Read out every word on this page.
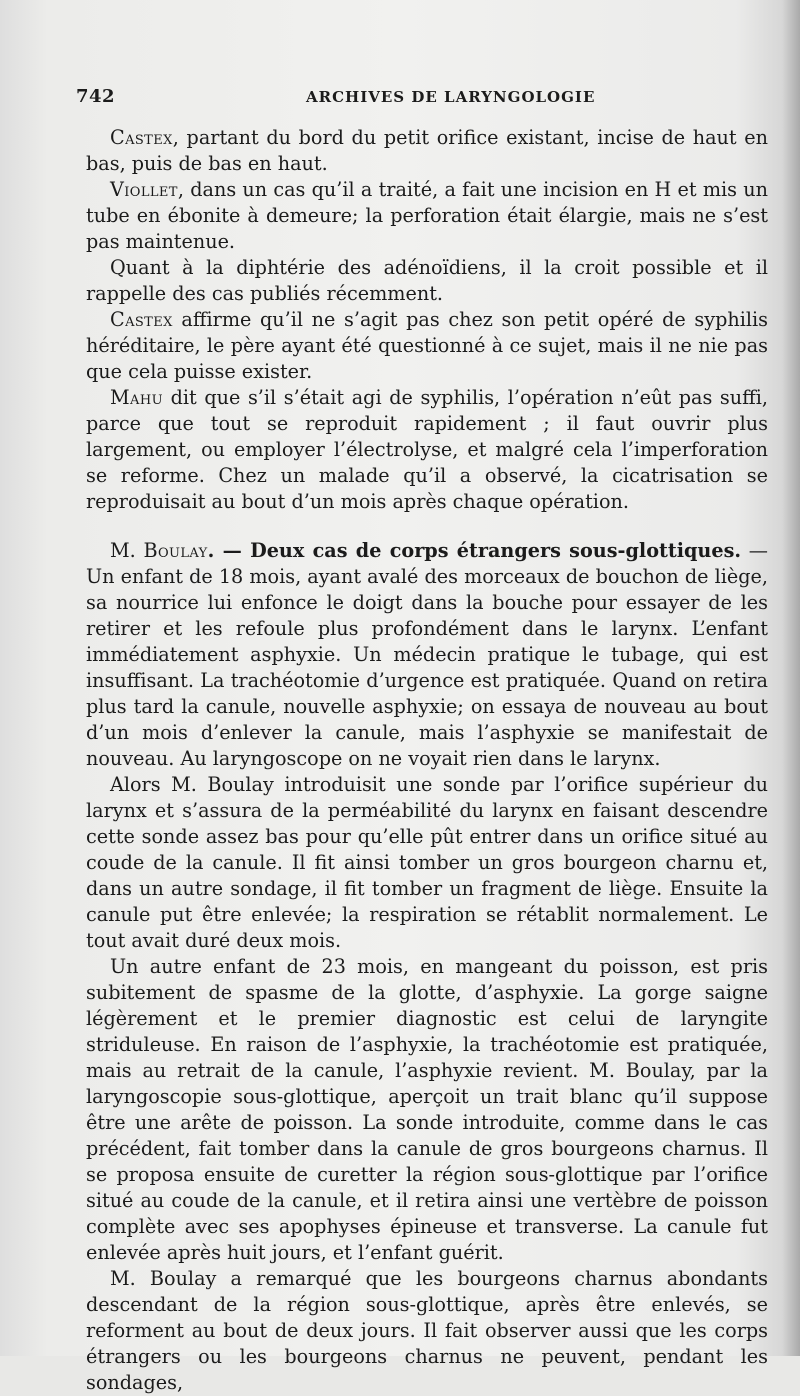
742	ARCHIVES DE LARYNGOLOGIE

Castex, partant du bord du petit orifice existant, incise de haut en bas, puis de bas en haut.

Viollet, dans un cas qu’il a traité, a fait une incision en H et mis un tube en ébonite à demeure; la perforation était élargie, mais ne s’est pas maintenue.

Quant à la diphtérie des adénoïdiens, il la croit possible et il rappelle des cas publiés récemment.

Castex affirme qu’il ne s’agit pas chez son petit opéré de syphilis héréditaire, le père ayant été questionné à ce sujet, mais il ne nie pas que cela puisse exister.

Mahu dit que s’il s’était agi de syphilis, l’opération n’eût pas suffi, parce que tout se reproduit rapidement ; il faut ouvrir plus largement, ou employer l’électrolyse, et malgré cela l’imperforation se reforme. Chez un malade qu’il a observé, la cicatrisation se reproduisait au bout d’un mois après chaque opération.

M. Boulay. — Deux cas de corps étrangers sous-glottiques. — Un enfant de 18 mois, ayant avalé des morceaux de bouchon de liège, sa nourrice lui enfonce le doigt dans la bouche pour essayer de les retirer et les refoule plus profondément dans le larynx. L’enfant immédiatement asphyxie. Un médecin pratique le tubage, qui est insuffisant. La trachéotomie d’urgence est pratiquée. Quand on retira plus tard la canule, nouvelle asphyxie; on essaya de nouveau au bout d’un mois d’enlever la canule, mais l’asphyxie se manifestait de nouveau. Au laryngoscope on ne voyait rien dans le larynx.

Alors M. Boulay introduisit une sonde par l’orifice supérieur du larynx et s’assura de la perméabilité du larynx en faisant descendre cette sonde assez bas pour qu’elle pût entrer dans un orifice situé au coude de la canule. Il fit ainsi tomber un gros bourgeon charnu et, dans un autre sondage, il fit tomber un fragment de liège. Ensuite la canule put être enlevée; la respiration se rétablit normalement. Le tout avait duré deux mois.

Un autre enfant de 23 mois, en mangeant du poisson, est pris subitement de spasme de la glotte, d’asphyxie. La gorge saigne légèrement et le premier diagnostic est celui de laryngite striduleuse. En raison de l’asphyxie, la trachéotomie est pratiquée, mais au retrait de la canule, l’asphyxie revient. M. Boulay, par la laryngoscopie sous-glottique, aperçoit un trait blanc qu’il suppose être une arête de poisson. La sonde introduite, comme dans le cas précédent, fait tomber dans la canule de gros bourgeons charnus. Il se proposa ensuite de curetter la région sous-glottique par l’orifice situé au coude de la canule, et il retira ainsi une vertèbre de poisson complète avec ses apophyses épineuse et transverse. La canule fut enlevée après huit jours, et l’enfant guérit.

M. Boulay a remarqué que les bourgeons charnus abondants descendant de la région sous-glottique, après être enlevés, se reforment au bout de deux jours. Il fait observer aussi que les corps étrangers ou les bourgeons charnus ne peuvent, pendant les sondages,
